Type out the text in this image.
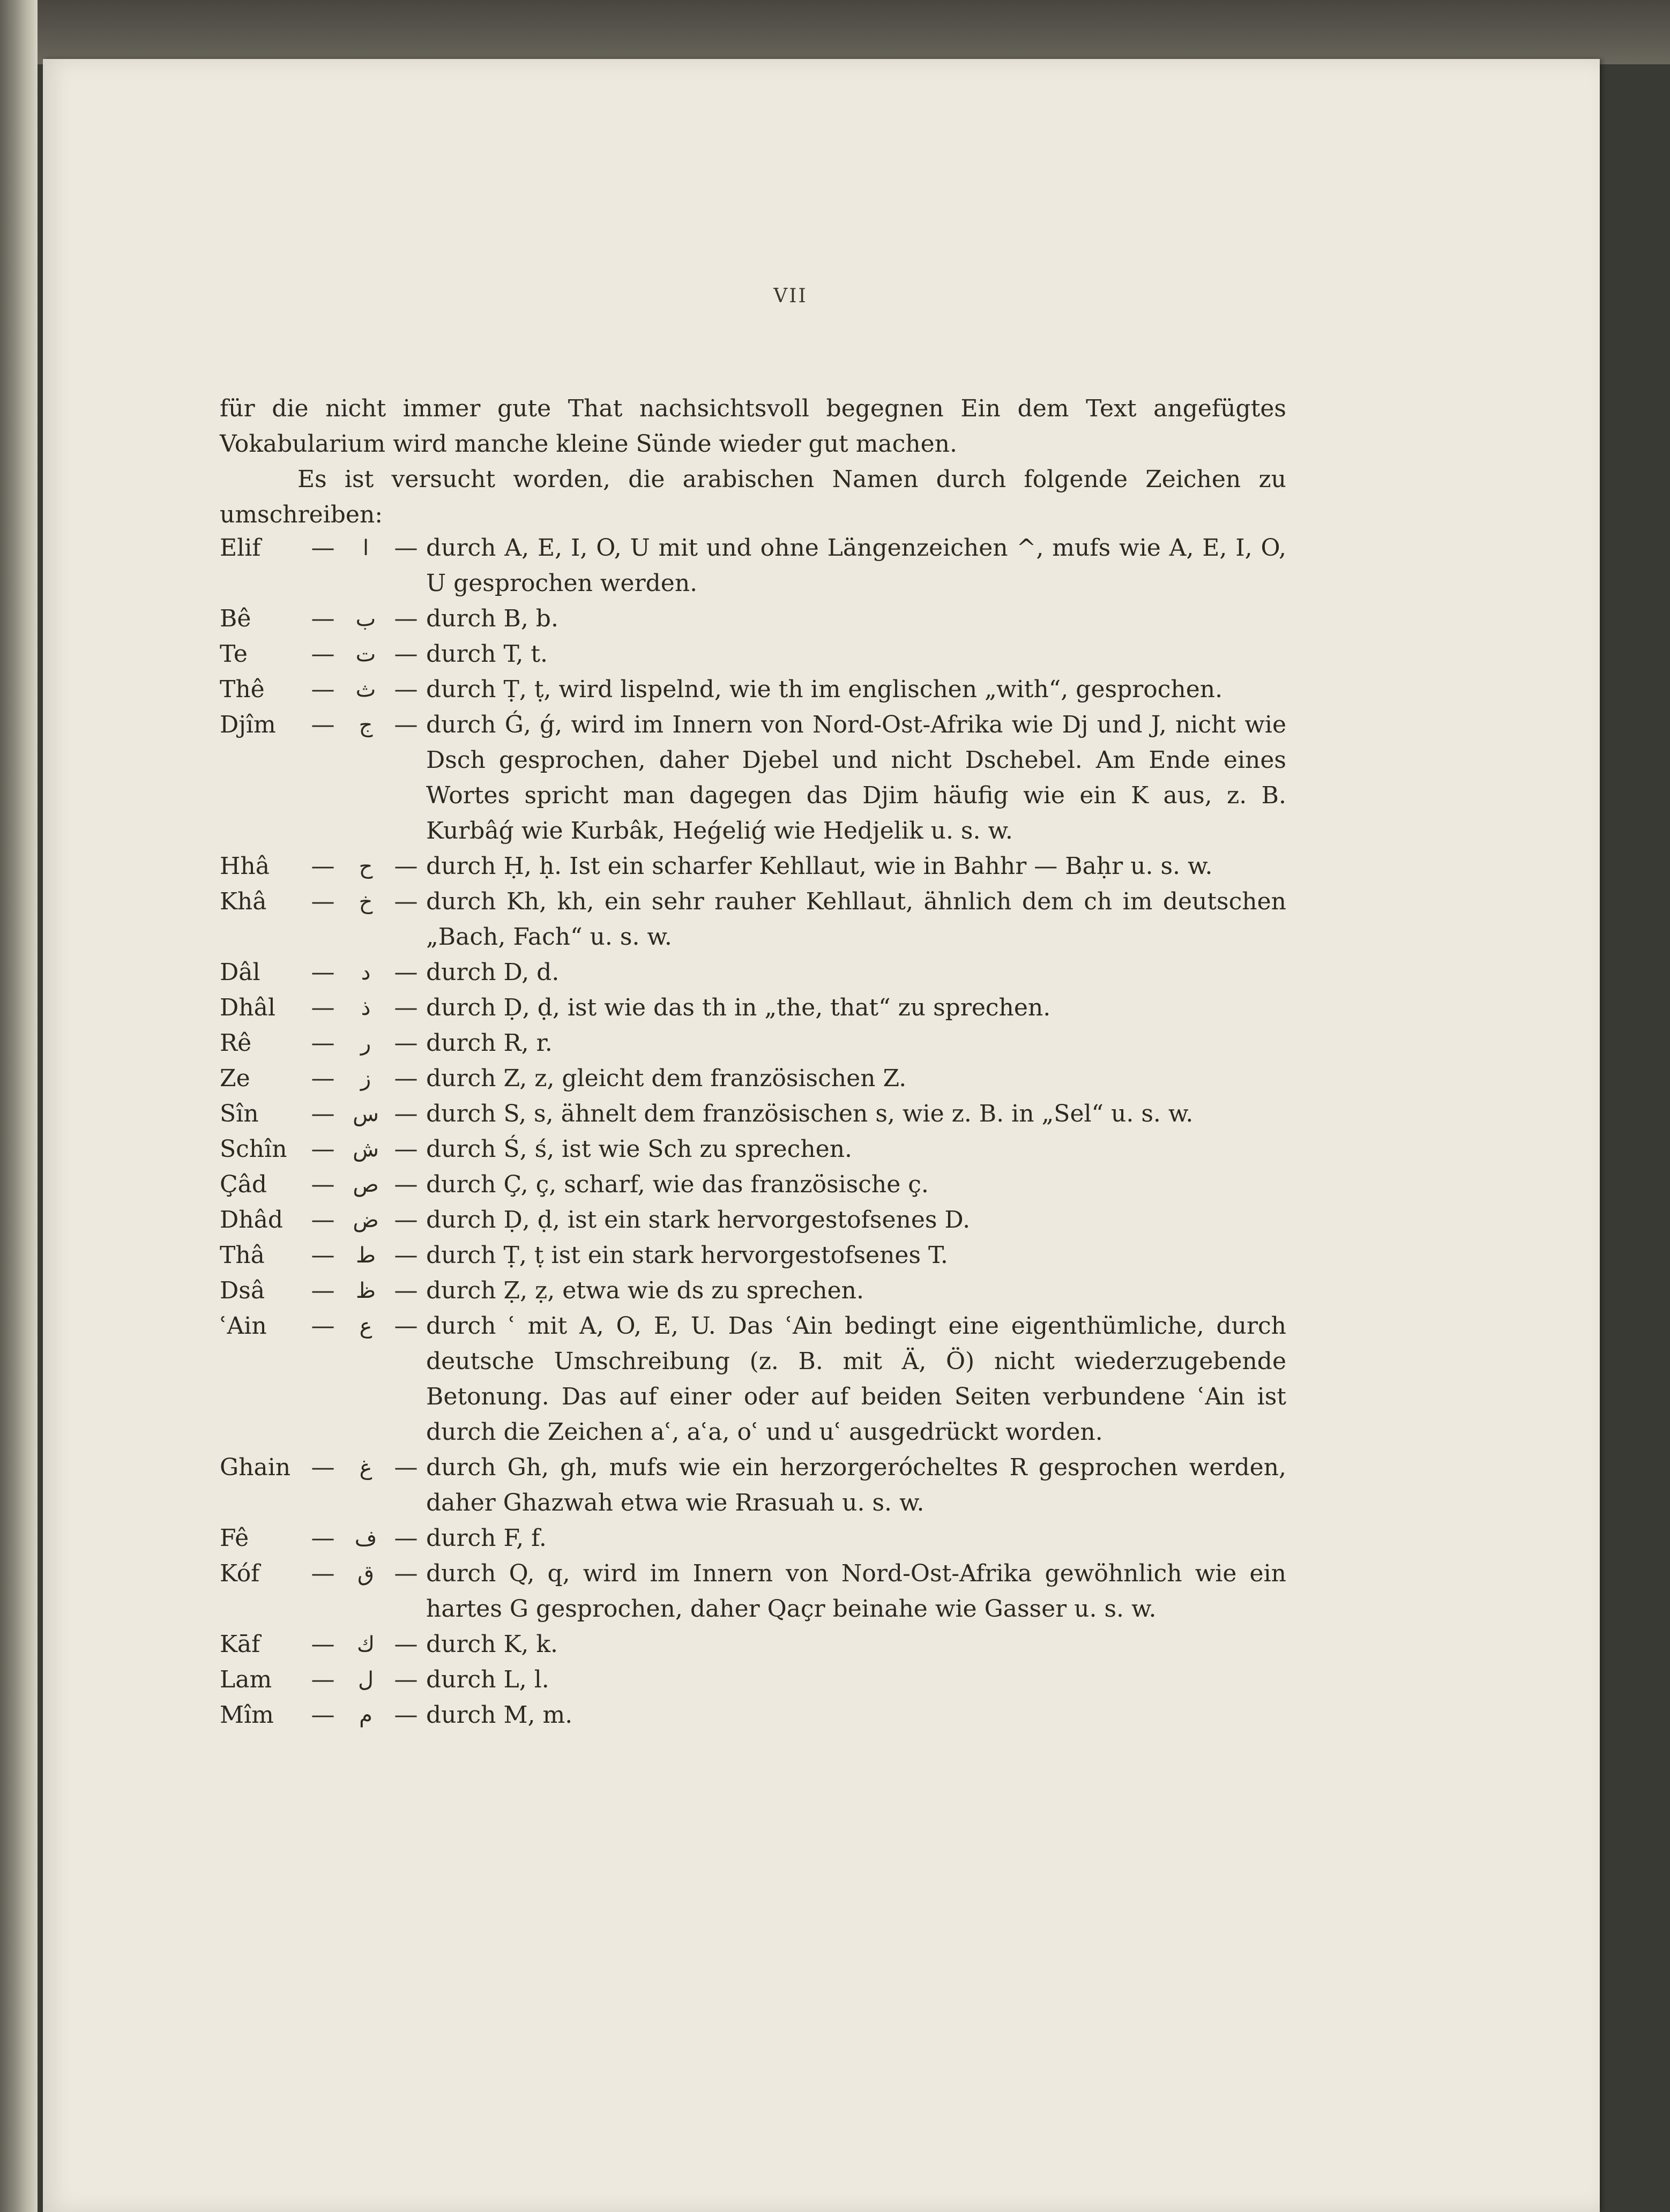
VII

für die nicht immer gute That nachsichtsvoll begegnen Ein dem Text angefügtes Vokabularium wird manche kleine Sünde wieder gut machen.

Es ist versucht worden, die arabischen Namen durch folgende Zeichen zu umschreiben:

Elif	—	ا	— durch A, E, I, O, U mit und ohne Längenzeichen ^, mufs wie A, E, I, O, U gesprochen werden.
Bê	— ب — durch B, b.
Te	— ت — durch T, t.
Thê	— ث — durch Ṭ, ṭ, wird lispelnd, wie th im englischen „with“, gesprochen.
Djîm	—	ج — durch Ǵ, ǵ, wird im Innern von Nord-Ost-Afrika wie Dj und J, nicht wie Dsch gesprochen, daher Djebel und nicht Dschebel. Am Ende eines Wortes spricht man dagegen das Djim häufig wie ein K aus, z. B. Kurbâǵ wie Kurbâk, Heǵeliǵ wie Hedjelik u. s. w.
Hhâ	—	ح — durch Ḥ, ḥ. Ist ein scharfer Kehllaut, wie in Bahhr — Baḥr u. s. w.
Khâ	—	خ — durch Kh, kh, ein sehr rauher Kehllaut, ähnlich dem ch im deutschen „Bach, Fach“ u. s. w.
Dâl	—	د	— durch D, d.
Dhâl	—	ذ	— durch Ḍ, ḍ, ist wie das th in „the, that“ zu sprechen.
Rê	—	ر — durch R, r.
Ze	—	ز — durch Z, z, gleicht dem französischen Z.
Sîn	— س — durch S, s, ähnelt dem französischen s, wie z. B. in „Sel“ u. s. w.
Schîn	— ش — durch Ś, ś, ist wie Sch zu sprechen.
Çâd	— ص — durch Ç, ç, scharf, wie das französische ç.
Dhâd	— ض — durch Ḍ, ḍ, ist ein stark hervorgestofsenes D.
Thâ	— ط — durch Ṭ, ṭ ist ein stark hervorgestofsenes T.
Dsâ	— ظ — durch Ẓ, ẓ, etwa wie ds zu sprechen.
ʿAin	—	ع — durch ʿ mit A, O, E, U. Das ʿAin bedingt eine eigenthümliche, durch deutsche Umschreibung (z. B. mit Ä, Ö) nicht wiederzugebende Betonung. Das auf einer oder auf beiden Seiten verbundene ʿAin ist durch die Zeichen aʿ, aʿa, oʿ und uʿ ausgedrückt worden.
Ghain —	غ — durch Gh, gh, mufs wie ein herzorgerócheltes R gesprochen werden, daher Ghazwah etwa wie Rrasuah u. s. w.
Fê	— ف — durch F, f.
Kóf	—	ق — durch Q, q, wird im Innern von Nord-Ost-Afrika gewöhnlich wie ein hartes G gesprochen, daher Qaçr beinahe wie Gasser u. s. w.
Kāf	—	ك — durch K, k.
Lam	—	ل — durch L, l.
Mîm	—	م — durch M, m.
